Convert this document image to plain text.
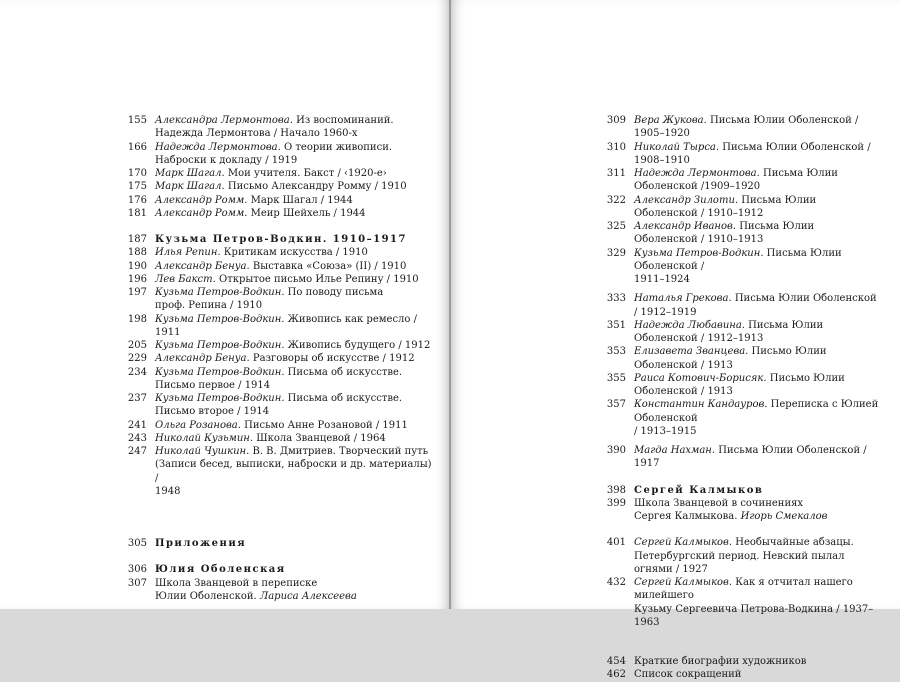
155 Александра Лермонтова. Из воспоминаний.
Надежда Лермонтова / Начало 1960-х
166 Надежда Лермонтова. О теории живописи.
Наброски к докладу / 1919
170 Марк Шагал. Мои учителя. Бакст / ‹1920-е›
175 Марк Шагал. Письмо Александру Ромму / 1910
176 Александр Ромм. Марк Шагал / 1944
181 Александр Ромм. Меир Шейхель / 1944
187 Кузьма Петров-Водкин. 1910–1917
188 Илья Репин. Критикам искусства / 1910
190 Александр Бенуа. Выставка «Союза» (II) / 1910
196 Лев Бакст. Открытое письмо Илье Репину / 1910
197 Кузьма Петров-Водкин. По поводу письма
проф. Репина / 1910
198 Кузьма Петров-Водкин. Живопись как ремесло / 1911
205 Кузьма Петров-Водкин. Живопись будущего / 1912
229 Александр Бенуа. Разговоры об искусстве / 1912
234 Кузьма Петров-Водкин. Письма об искусстве.
Письмо первое / 1914
237 Кузьма Петров-Водкин. Письма об искусстве.
Письмо второе / 1914
241 Ольга Розанова. Письмо Анне Розановой / 1911
243 Николай Кузьмин. Школа Званцевой / 1964
247 Николай Чушкин. В. В. Дмитриев. Творческий путь
(Записи бесед, выписки, наброски и др. материалы) /
1948
305 Приложения
306 Юлия Оболенская
307 Школа Званцевой в переписке
Юлии Оболенской. Лариса Алексеева
309 Вера Жукова. Письма Юлии Оболенской / 1905–1920
310 Николай Тырса. Письма Юлии Оболенской / 1908–1910
311 Надежда Лермонтова. Письма Юлии Оболенской /1909–1920
322 Александр Зилоти. Письма Юлии Оболенской / 1910–1912
325 Александр Иванов. Письма Юлии Оболенской / 1910–1913
329 Кузьма Петров-Водкин. Письма Юлии Оболенской /
1911–1924
333 Наталья Грекова. Письма Юлии Оболенской / 1912–1919
351 Надежда Любавина. Письма Юлии Оболенской / 1912–1913
353 Елизавета Званцева. Письмо Юлии Оболенской / 1913
355 Раиса Котович-Борисяк. Письмо Юлии Оболенской / 1913
357 Константин Кандауров. Переписка с Юлией Оболенской
/ 1913–1915
390 Магда Нахман. Письма Юлии Оболенской / 1917
398 Сергей Калмыков
399 Школа Званцевой в сочинениях
Сергея Калмыкова. Игорь Смекалов
401 Сергей Калмыков. Необычайные абзацы.
Петербургский период. Невский пылал огнями / 1927
432 Сергей Калмыков. Как я отчитал нашего милейшего
Кузьму Сергеевича Петрова-Водкина / 1937–1963
454 Краткие биографии художников
462 Список сокращений
